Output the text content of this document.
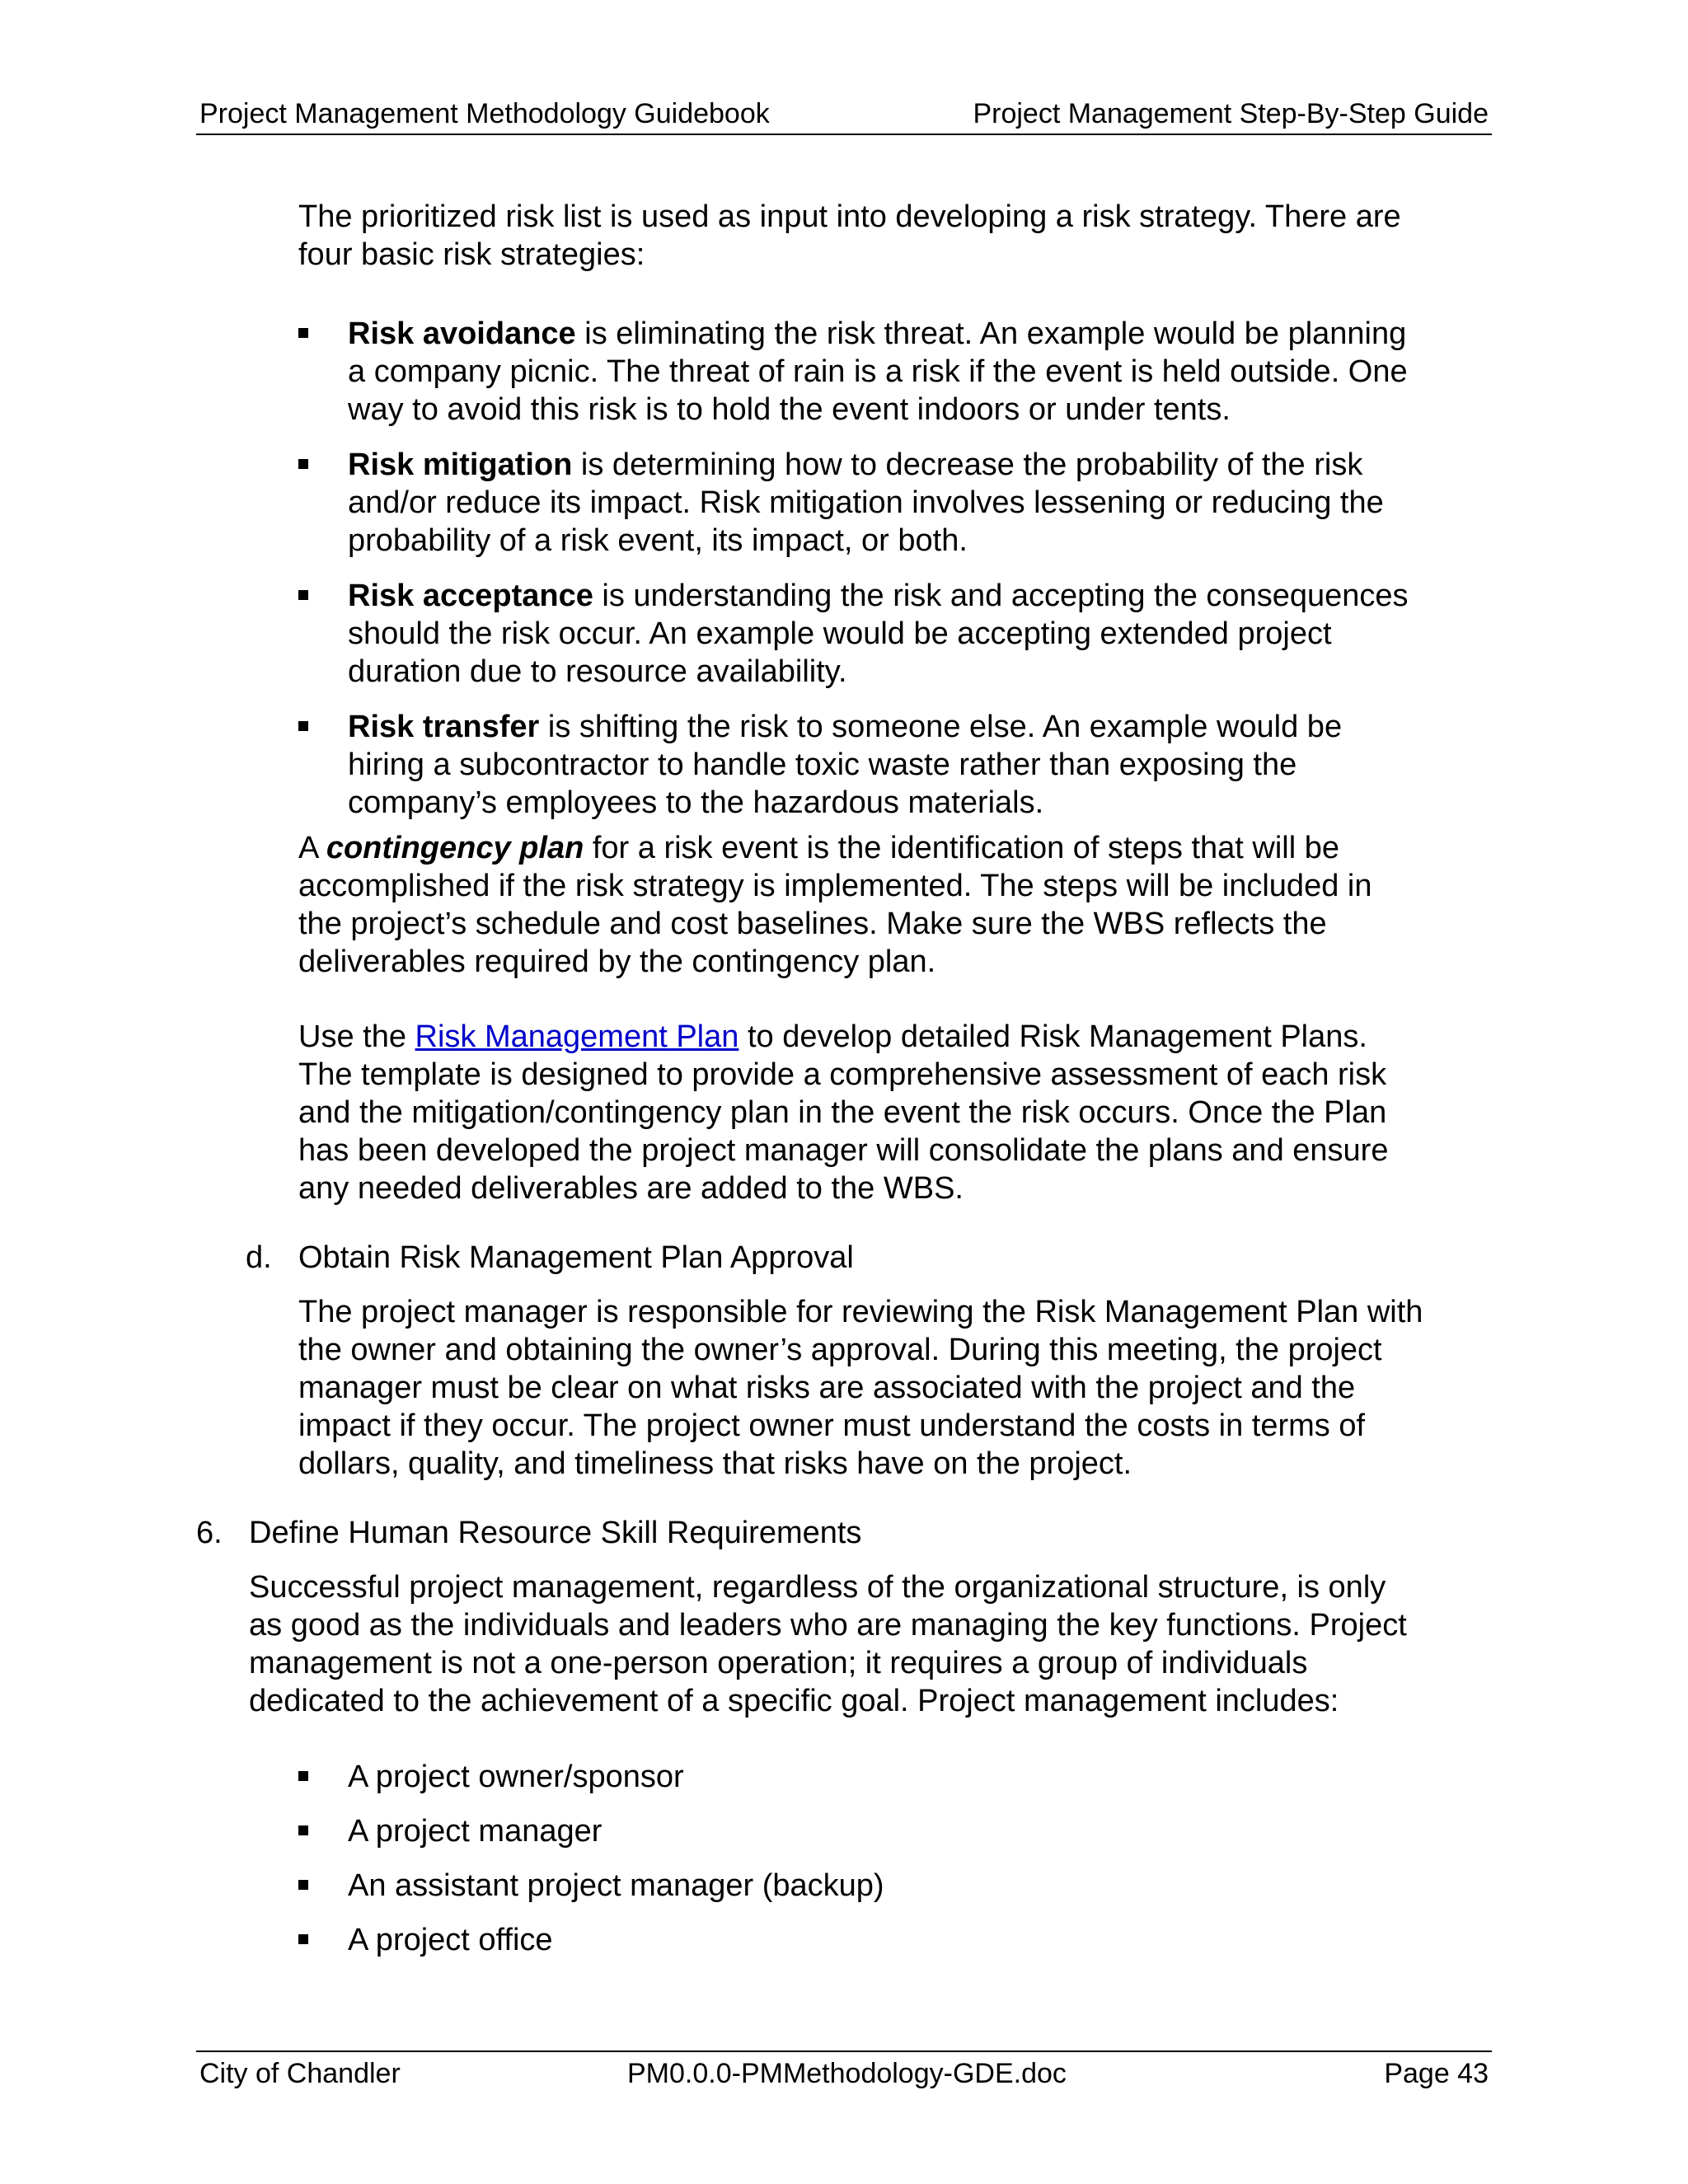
Project Management Methodology Guidebook	Project Management Step-By-Step Guide
The prioritized risk list is used as input into developing a risk strategy. There are
four basic risk strategies:
Risk avoidance is eliminating the risk threat. An example would be planning
a company picnic. The threat of rain is a risk if the event is held outside. One
way to avoid this risk is to hold the event indoors or under tents.
Risk mitigation is determining how to decrease the probability of the risk
and/or reduce its impact. Risk mitigation involves lessening or reducing the
probability of a risk event, its impact, or both.
Risk acceptance is understanding the risk and accepting the consequences
should the risk occur. An example would be accepting extended project
duration due to resource availability.
Risk transfer is shifting the risk to someone else. An example would be
hiring a subcontractor to handle toxic waste rather than exposing the
company’s employees to the hazardous materials.
A contingency plan for a risk event is the identification of steps that will be
accomplished if the risk strategy is implemented. The steps will be included in
the project’s schedule and cost baselines. Make sure the WBS reflects the
deliverables required by the contingency plan.
Use the Risk Management Plan to develop detailed Risk Management Plans.
The template is designed to provide a comprehensive assessment of each risk
and the mitigation/contingency plan in the event the risk occurs. Once the Plan
has been developed the project manager will consolidate the plans and ensure
any needed deliverables are added to the WBS.
d. Obtain Risk Management Plan Approval
The project manager is responsible for reviewing the Risk Management Plan with
the owner and obtaining the owner’s approval. During this meeting, the project
manager must be clear on what risks are associated with the project and the
impact if they occur. The project owner must understand the costs in terms of
dollars, quality, and timeliness that risks have on the project.
6. Define Human Resource Skill Requirements
Successful project management, regardless of the organizational structure, is only
as good as the individuals and leaders who are managing the key functions. Project
management is not a one-person operation; it requires a group of individuals
dedicated to the achievement of a specific goal. Project management includes:
A project owner/sponsor
A project manager
An assistant project manager (backup)
A project office
City of Chandler	PM0.0.0-PMMethodology-GDE.doc	Page 43
